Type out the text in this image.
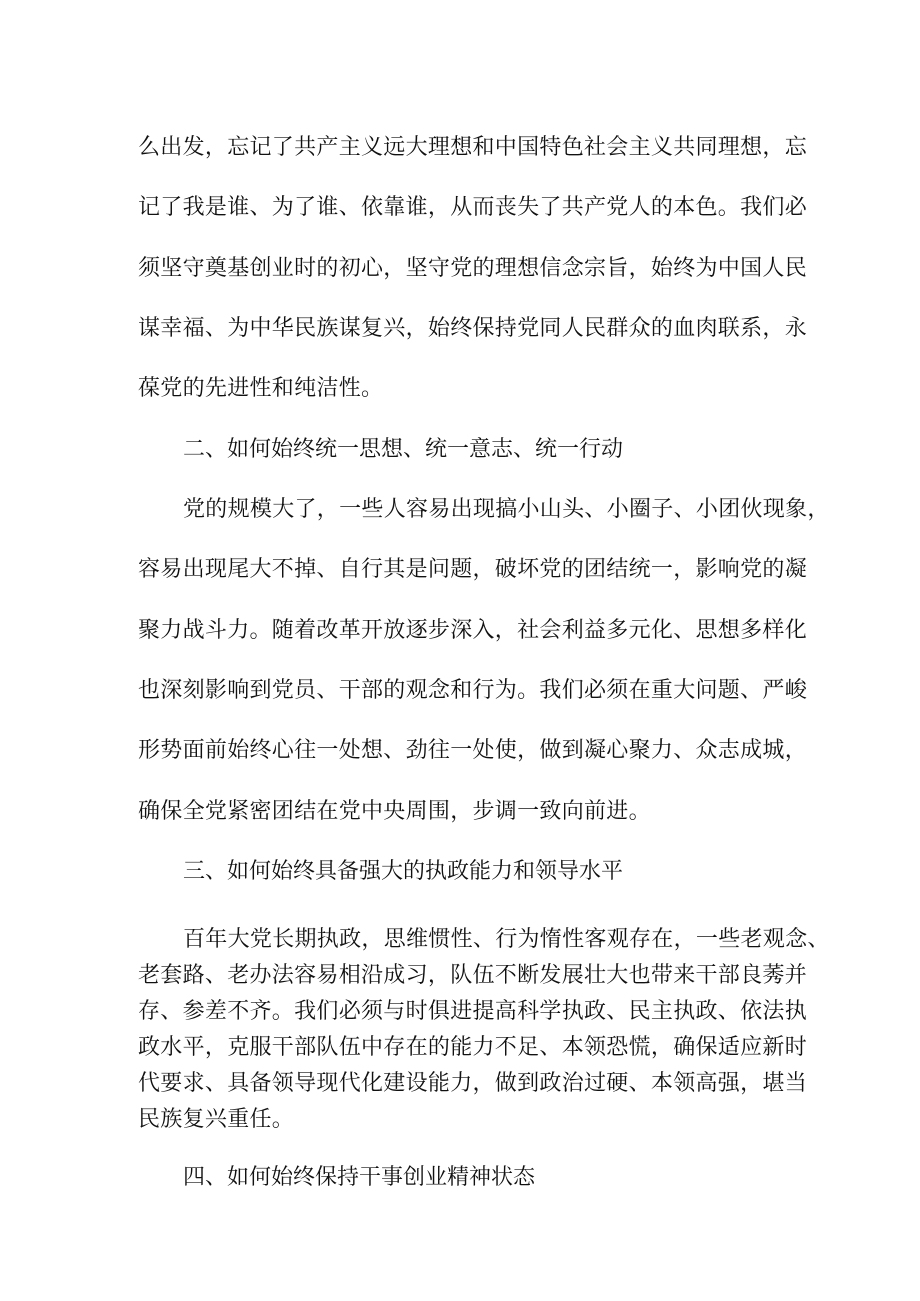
么出发，忘记了共产主义远大理想和中国特色社会主义共同理想，忘
记了我是谁、为了谁、依靠谁，从而丧失了共产党人的本色。我们必
须坚守奠基创业时的初心，坚守党的理想信念宗旨，始终为中国人民
谋幸福、为中华民族谋复兴，始终保持党同人民群众的血肉联系，永
葆党的先进性和纯洁性。
二、如何始终统一思想、统一意志、统一行动
党的规模大了，一些人容易出现搞小山头、小圈子、小团伙现象，
容易出现尾大不掉、自行其是问题，破坏党的团结统一，影响党的凝
聚力战斗力。随着改革开放逐步深入，社会利益多元化、思想多样化
也深刻影响到党员、干部的观念和行为。我们必须在重大问题、严峻
形势面前始终心往一处想、劲往一处使，做到凝心聚力、众志成城，
确保全党紧密团结在党中央周围，步调一致向前进。
三、如何始终具备强大的执政能力和领导水平
百年大党长期执政，思维惯性、行为惰性客观存在，一些老观念、
老套路、老办法容易相沿成习，队伍不断发展壮大也带来干部良莠并
存、参差不齐。我们必须与时俱进提高科学执政、民主执政、依法执
政水平，克服干部队伍中存在的能力不足、本领恐慌，确保适应新时
代要求、具备领导现代化建设能力，做到政治过硬、本领高强，堪当
民族复兴重任。
四、如何始终保持干事创业精神状态
